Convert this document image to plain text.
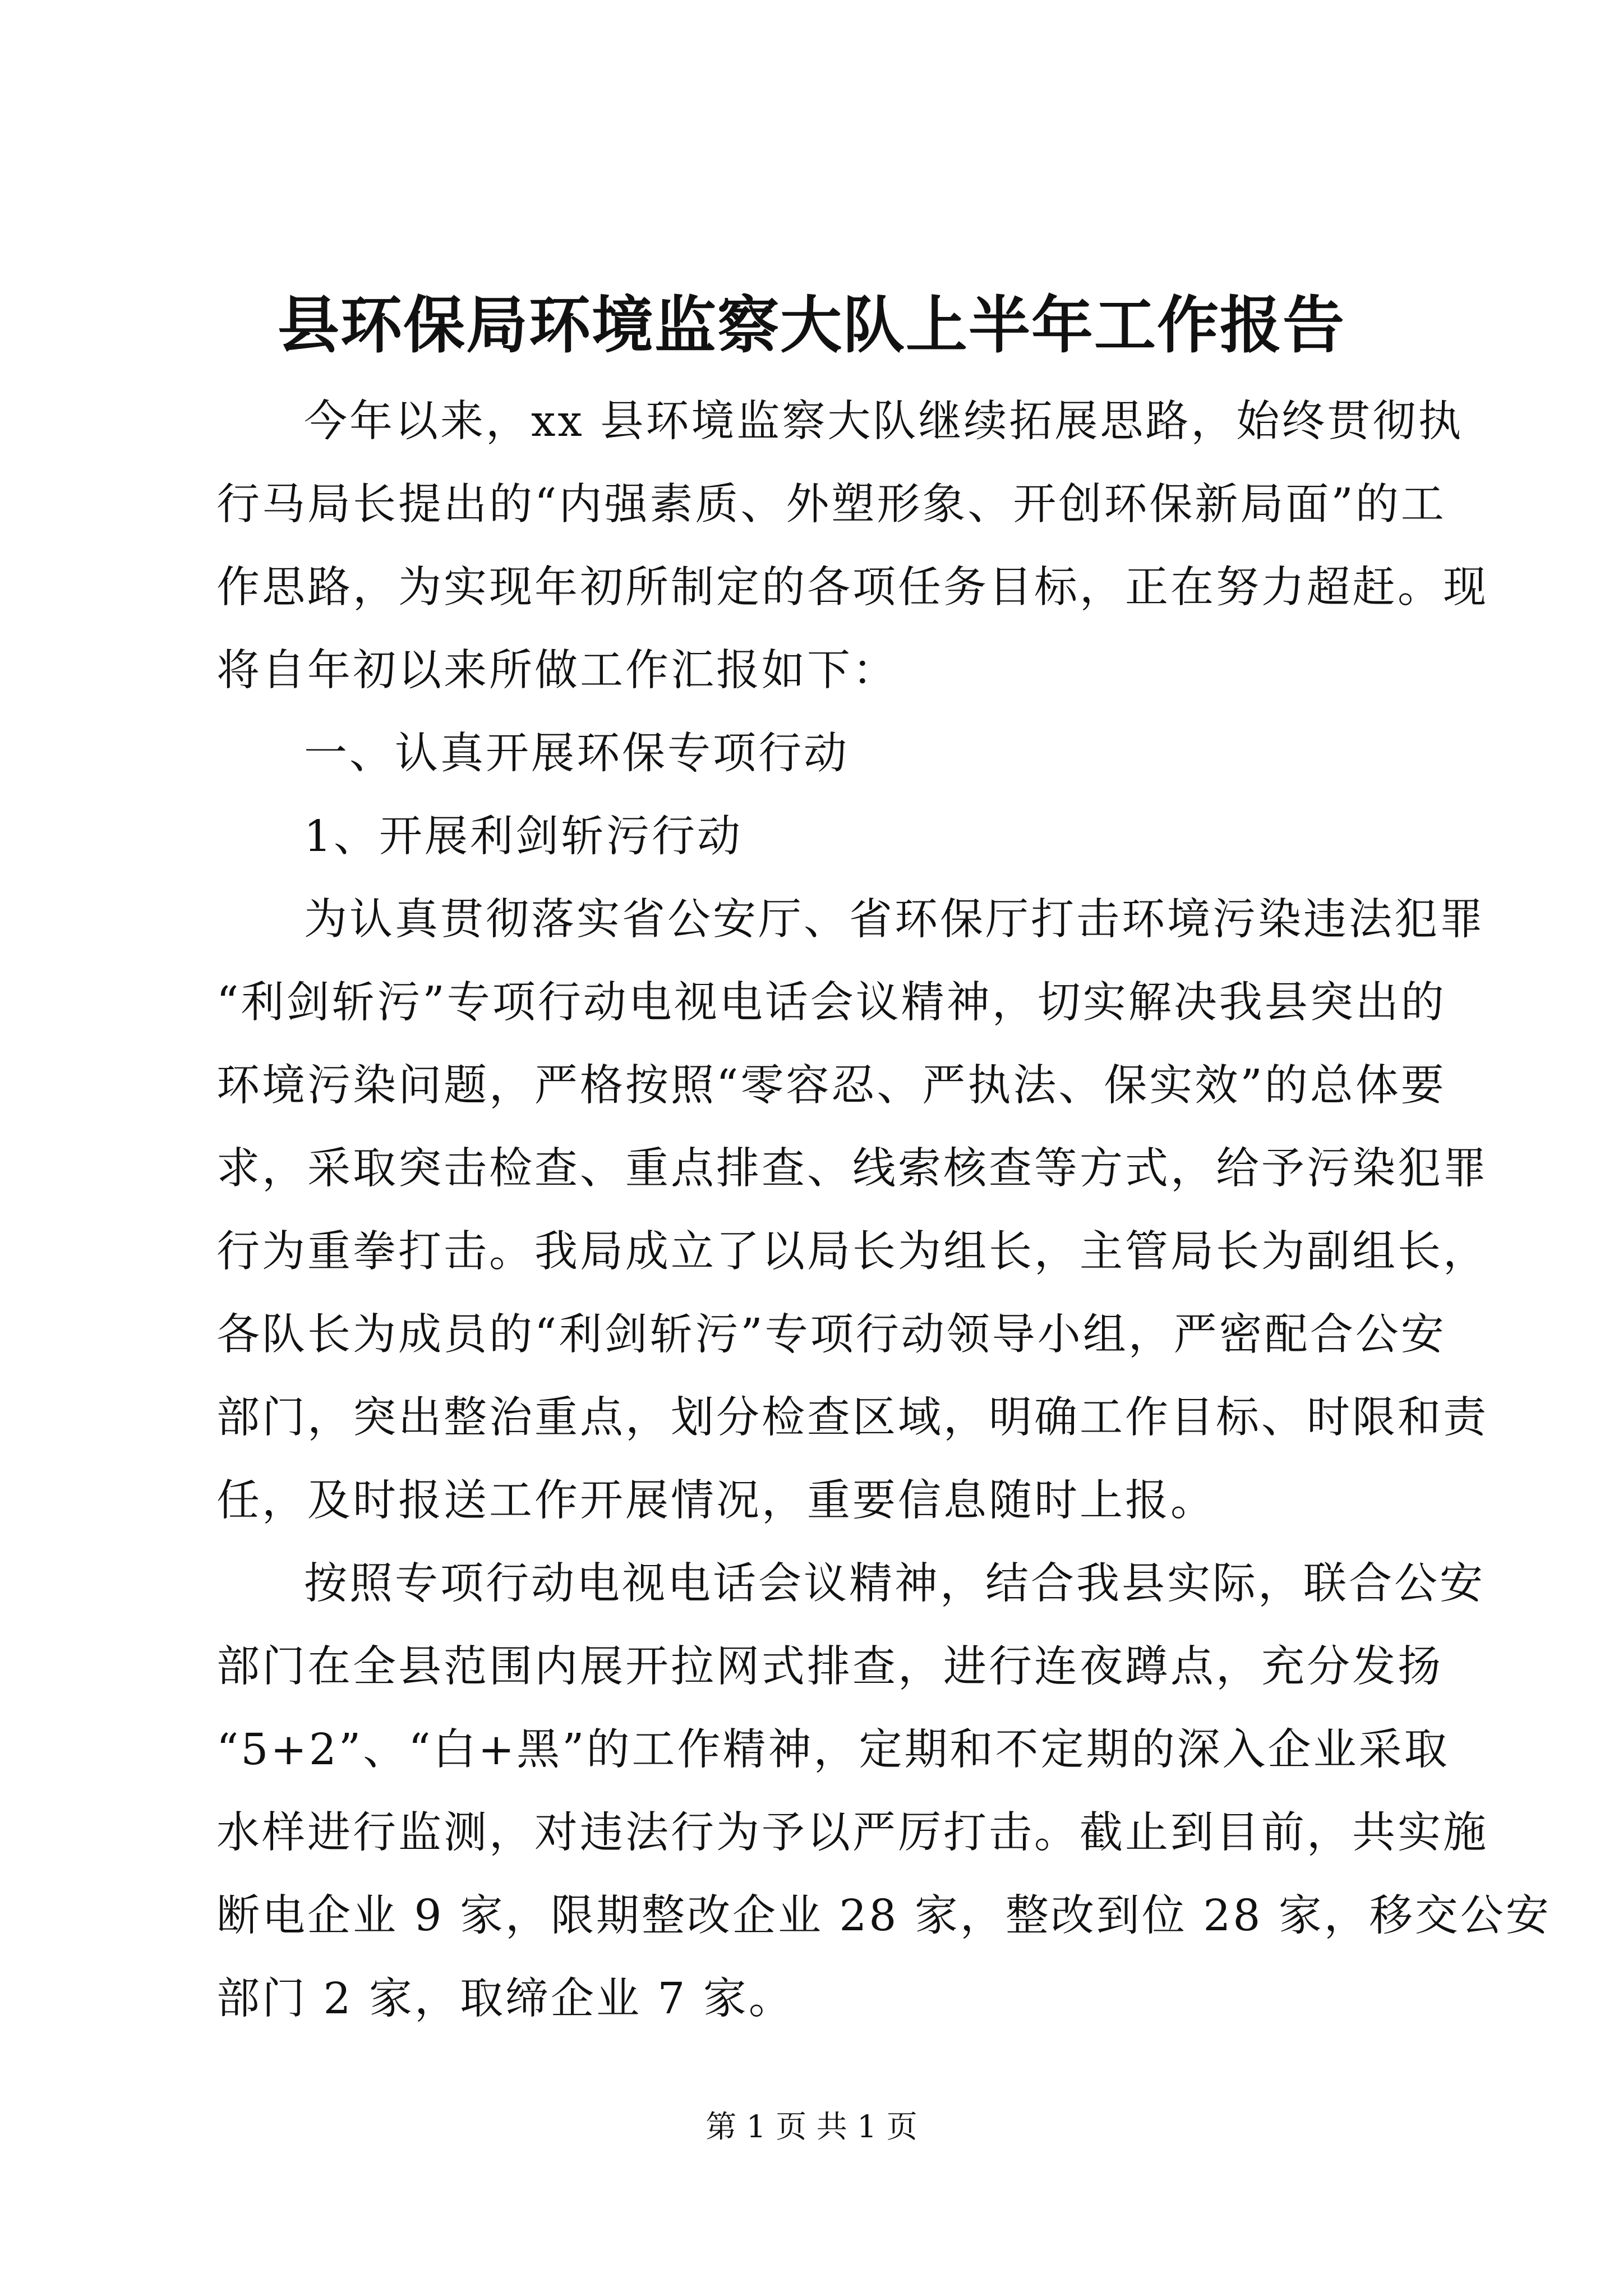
县环保局环境监察大队上半年工作报告
今年以来，xx 县环境监察大队继续拓展思路，始终贯彻执
行马局长提出的“内强素质、外塑形象、开创环保新局面”的工
作思路，为实现年初所制定的各项任务目标，正在努力超赶。现
将自年初以来所做工作汇报如下：
一、认真开展环保专项行动
1、开展利剑斩污行动
为认真贯彻落实省公安厅、省环保厅打击环境污染违法犯罪
“利剑斩污”专项行动电视电话会议精神，切实解决我县突出的
环境污染问题，严格按照“零容忍、严执法、保实效”的总体要
求，采取突击检查、重点排查、线索核查等方式，给予污染犯罪
行为重拳打击。我局成立了以局长为组长，主管局长为副组长，
各队长为成员的“利剑斩污”专项行动领导小组，严密配合公安
部门，突出整治重点，划分检查区域，明确工作目标、时限和责
任，及时报送工作开展情况，重要信息随时上报。
按照专项行动电视电话会议精神，结合我县实际，联合公安
部门在全县范围内展开拉网式排查，进行连夜蹲点，充分发扬
“5+2”、“白+黑”的工作精神，定期和不定期的深入企业采取
水样进行监测，对违法行为予以严厉打击。截止到目前，共实施
断电企业 9 家，限期整改企业 28 家，整改到位 28 家，移交公安
部门 2 家，取缔企业 7 家。
第 1 页 共 1 页
